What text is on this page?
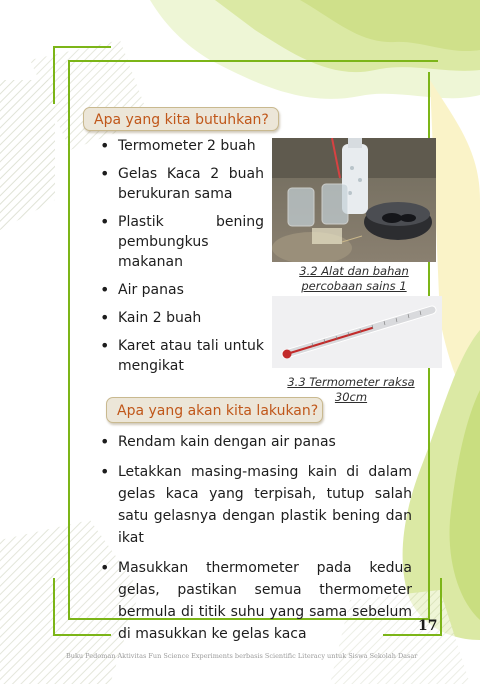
Apa yang kita butuhkan?
• Termometer 2 buah
• Gelas Kaca 2 buah berukuran sama
• Plastik bening pembungkus makanan
• Air panas
• Kain 2 buah
• Karet atau tali untuk mengikat
3.2 Alat dan bahan
percobaan sains 1
3.3 Termometer raksa
30cm
Apa yang akan kita lakukan?
• Rendam kain dengan air panas
• Letakkan masing-masing kain di dalam gelas kaca yang terpisah, tutup salah satu gelasnya dengan plastik bening dan ikat
• Masukkan thermometer pada kedua gelas, pastikan semua thermometer bermula di titik suhu yang sama sebelum di masukkan ke gelas kaca	17
Buku Pedoman Aktivitas Fun Science Experiments berbasis Scientific Literacy untuk Siswa Sekolah Dasar
